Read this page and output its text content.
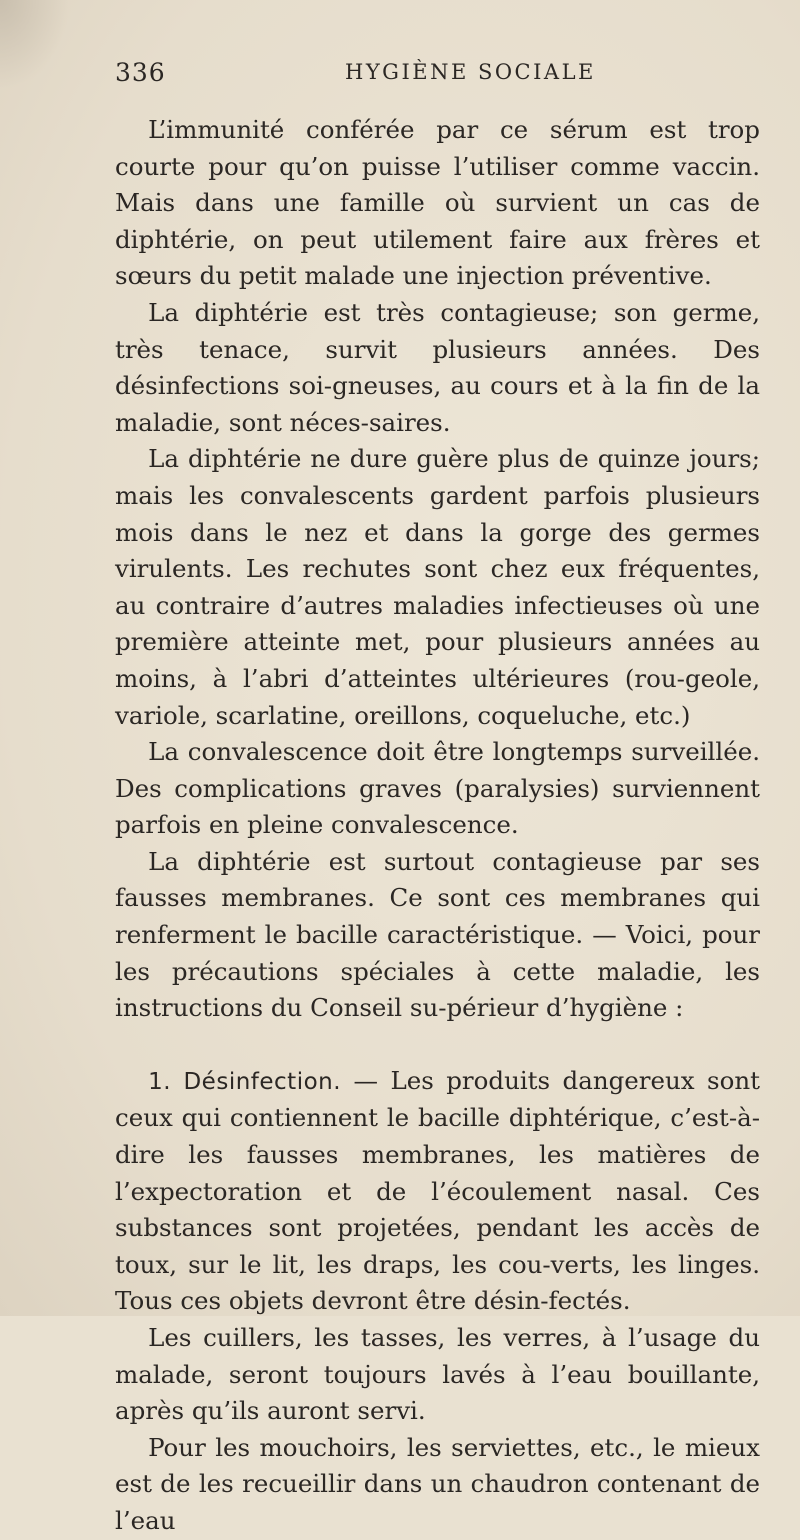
336	HYGIÈNE SOCIALE

L’immunité conférée par ce sérum est trop courte pour qu’on puisse l’utiliser comme vaccin. Mais dans une famille où survient un cas de diphtérie, on peut utilement faire aux frères et sœurs du petit malade une injection préventive.

La diphtérie est très contagieuse; son germe, très tenace, survit plusieurs années. Des désinfections soi-gneuses, au cours et à la fin de la maladie, sont néces-saires.

La diphtérie ne dure guère plus de quinze jours; mais les convalescents gardent parfois plusieurs mois dans le nez et dans la gorge des germes virulents. Les rechutes sont chez eux fréquentes, au contraire d’autres maladies infectieuses où une première atteinte met, pour plusieurs années au moins, à l’abri d’atteintes ultérieures (rou-geole, variole, scarlatine, oreillons, coqueluche, etc.)

La convalescence doit être longtemps surveillée. Des complications graves (paralysies) surviennent parfois en pleine convalescence.

La diphtérie est surtout contagieuse par ses fausses membranes. Ce sont ces membranes qui renferment le bacille caractéristique. — Voici, pour les précautions spéciales à cette maladie, les instructions du Conseil su-périeur d’hygiène :

1. Désinfection. — Les produits dangereux sont ceux qui contiennent le bacille diphtérique, c’est-à-dire les fausses membranes, les matières de l’expectoration et de l’écoulement nasal. Ces substances sont projetées, pendant les accès de toux, sur le lit, les draps, les cou-verts, les linges. Tous ces objets devront être désin-fectés.

Les cuillers, les tasses, les verres, à l’usage du malade, seront toujours lavés à l’eau bouillante, après qu’ils auront servi.

Pour les mouchoirs, les serviettes, etc., le mieux est de les recueillir dans un chaudron contenant de l’eau
